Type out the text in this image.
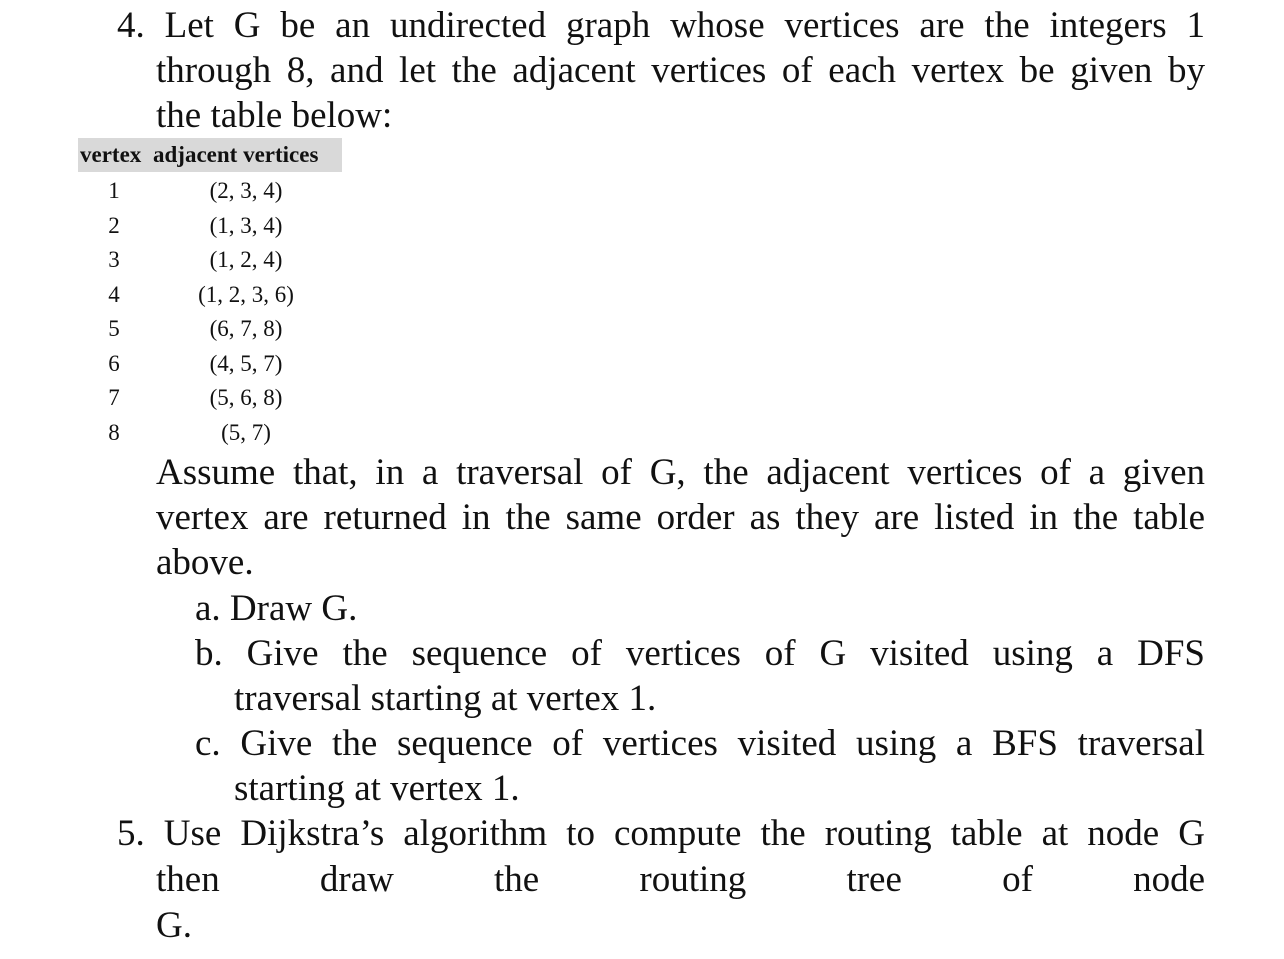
4. Let G be an undirected graph whose vertices are the integers 1
through 8, and let the adjacent vertices of each vertex be given by
the table below:
vertex adjacent vertices
1	(2, 3, 4)
2	(1, 3, 4)
3	(1, 2, 4)
4	(1, 2, 3, 6)
5	(6, 7, 8)
6	(4, 5, 7)
7	(5, 6, 8)
8	(5, 7)
Assume that, in a traversal of G, the adjacent vertices of a given
vertex are returned in the same order as they are listed in the table
above.
a. Draw G.
b. Give the sequence of vertices of G visited using a DFS
traversal starting at vertex 1.
c. Give the sequence of vertices visited using a BFS traversal
starting at vertex 1.
5. Use Dijkstra’s algorithm to compute the routing table at node G
then draw the routing tree of node
G.
